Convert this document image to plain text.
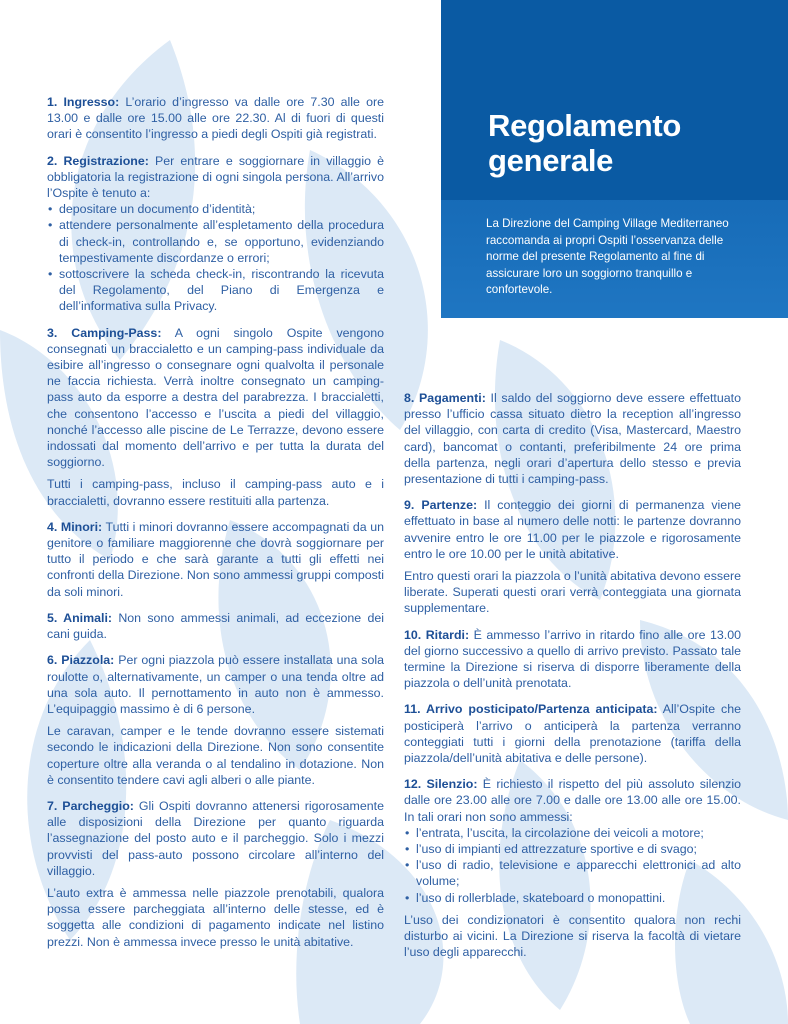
Regolamento
generale

La Direzione del Camping Village Mediterraneo raccomanda ai propri Ospiti l’osservanza delle norme del presente Regolamento al fine di assicurare loro un soggiorno tranquillo e confortevole.

1. Ingresso: L’orario d’ingresso va dalle ore 7.30 alle ore 13.00 e dalle ore 15.00 alle ore 22.30. Al di fuori di questi orari è consentito l’ingresso a piedi degli Ospiti già registrati.

2. Registrazione: Per entrare e soggiornare in villaggio è obbligatoria la registrazione di ogni singola persona. All’arrivo l’Ospite è tenuto a:

• depositare un documento d’identità;
• attendere personalmente all’espletamento della procedura di check-in, controllando e, se opportuno, evidenziando tempestivamente discordanze o errori;
• sottoscrivere la scheda check-in, riscontrando la ricevuta del Regolamento, del Piano di Emergenza e dell’informativa sulla Privacy.

3. Camping-Pass: A ogni singolo Ospite vengono consegnati un braccialetto e un camping-pass individuale da esibire all’ingresso o consegnare ogni qualvolta il personale ne faccia richiesta. Verrà inoltre consegnato un camping-pass auto da esporre a destra del parabrezza. I braccialetti, che consentono l’accesso e l’uscita a piedi del villaggio, nonché l’accesso alle piscine de Le Terrazze, devono essere indossati dal momento dell’arrivo e per tutta la durata del soggiorno.

Tutti i camping-pass, incluso il camping-pass auto e i braccialetti, dovranno essere restituiti alla partenza.

4. Minori: Tutti i minori dovranno essere accompagnati da un genitore o familiare maggiorenne che dovrà soggiornare per tutto il periodo e che sarà garante a tutti gli effetti nei confronti della Direzione. Non sono ammessi gruppi composti da soli minori.

5. Animali: Non sono ammessi animali, ad eccezione dei cani guida.

6. Piazzola: Per ogni piazzola può essere installata una sola roulotte o, alternativamente, un camper o una tenda oltre ad una sola auto. Il pernottamento in auto non è ammesso. L’equipaggio massimo è di 6 persone.

Le caravan, camper e le tende dovranno essere sistemati secondo le indicazioni della Direzione. Non sono consentite coperture oltre alla veranda o al tendalino in dotazione. Non è consentito tendere cavi agli alberi o alle piante.

7. Parcheggio: Gli Ospiti dovranno attenersi rigorosamente alle disposizioni della Direzione per quanto riguarda l’assegnazione del posto auto e il parcheggio. Solo i mezzi provvisti del pass-auto possono circolare all’interno del villaggio.

L’auto extra è ammessa nelle piazzole prenotabili, qualora possa essere parcheggiata all’interno delle stesse, ed è soggetta alle condizioni di pagamento indicate nel listino prezzi. Non è ammessa invece presso le unità abitative.

8. Pagamenti: Il saldo del soggiorno deve essere effettuato presso l’ufficio cassa situato dietro la reception all’ingresso del villaggio, con carta di credito (Visa, Mastercard, Maestro card), bancomat o contanti, preferibilmente 24 ore prima della partenza, negli orari d’apertura dello stesso e previa presentazione di tutti i camping-pass.

9. Partenze: Il conteggio dei giorni di permanenza viene effettuato in base al numero delle notti: le partenze dovranno avvenire entro le ore 11.00 per le piazzole e rigorosamente entro le ore 10.00 per le unità abitative.

Entro questi orari la piazzola o l’unità abitativa devono essere liberate. Superati questi orari verrà conteggiata una giornata supplementare.

10. Ritardi: È ammesso l’arrivo in ritardo fino alle ore 13.00 del giorno successivo a quello di arrivo previsto. Passato tale termine la Direzione si riserva di disporre liberamente della piazzola o dell’unità prenotata.

11. Arrivo posticipato/Partenza anticipata: All’Ospite che posticiperà l’arrivo o anticiperà la partenza verranno conteggiati tutti i giorni della prenotazione (tariffa della piazzola/dell’unità abitativa e delle persone).

12. Silenzio: È richiesto il rispetto del più assoluto silenzio dalle ore 23.00 alle ore 7.00 e dalle ore 13.00 alle ore 15.00. In tali orari non sono ammessi:

• l’entrata, l’uscita, la circolazione dei veicoli a motore;
• l’uso di impianti ed attrezzature sportive e di svago;
• l’uso di radio, televisione e apparecchi elettronici ad alto volume;
• l’uso di rollerblade, skateboard o monopattini.

L’uso dei condizionatori è consentito qualora non rechi disturbo ai vicini. La Direzione si riserva la facoltà di vietare l’uso degli apparecchi.
